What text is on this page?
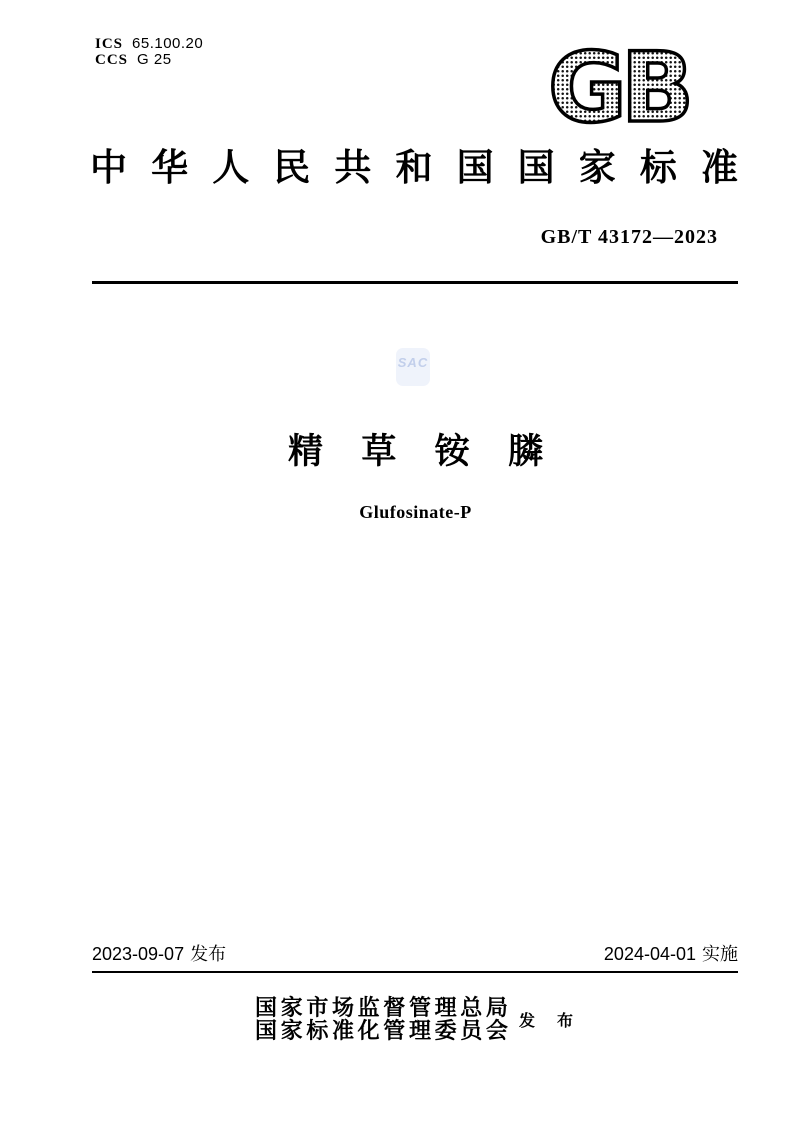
ICS 65.100.20
CCS G 25	GB
中 华 人 民 共 和 国 国 家 标 准
GB/T 43172—2023
SAC
精 草 铵 膦
Glufosinate-P
2023-09-07 发布	2024-04-01 实施
国 家 市 场 监 督 管 理 总 局
国 家 标 准 化 管 理 委 员 会 发 布
